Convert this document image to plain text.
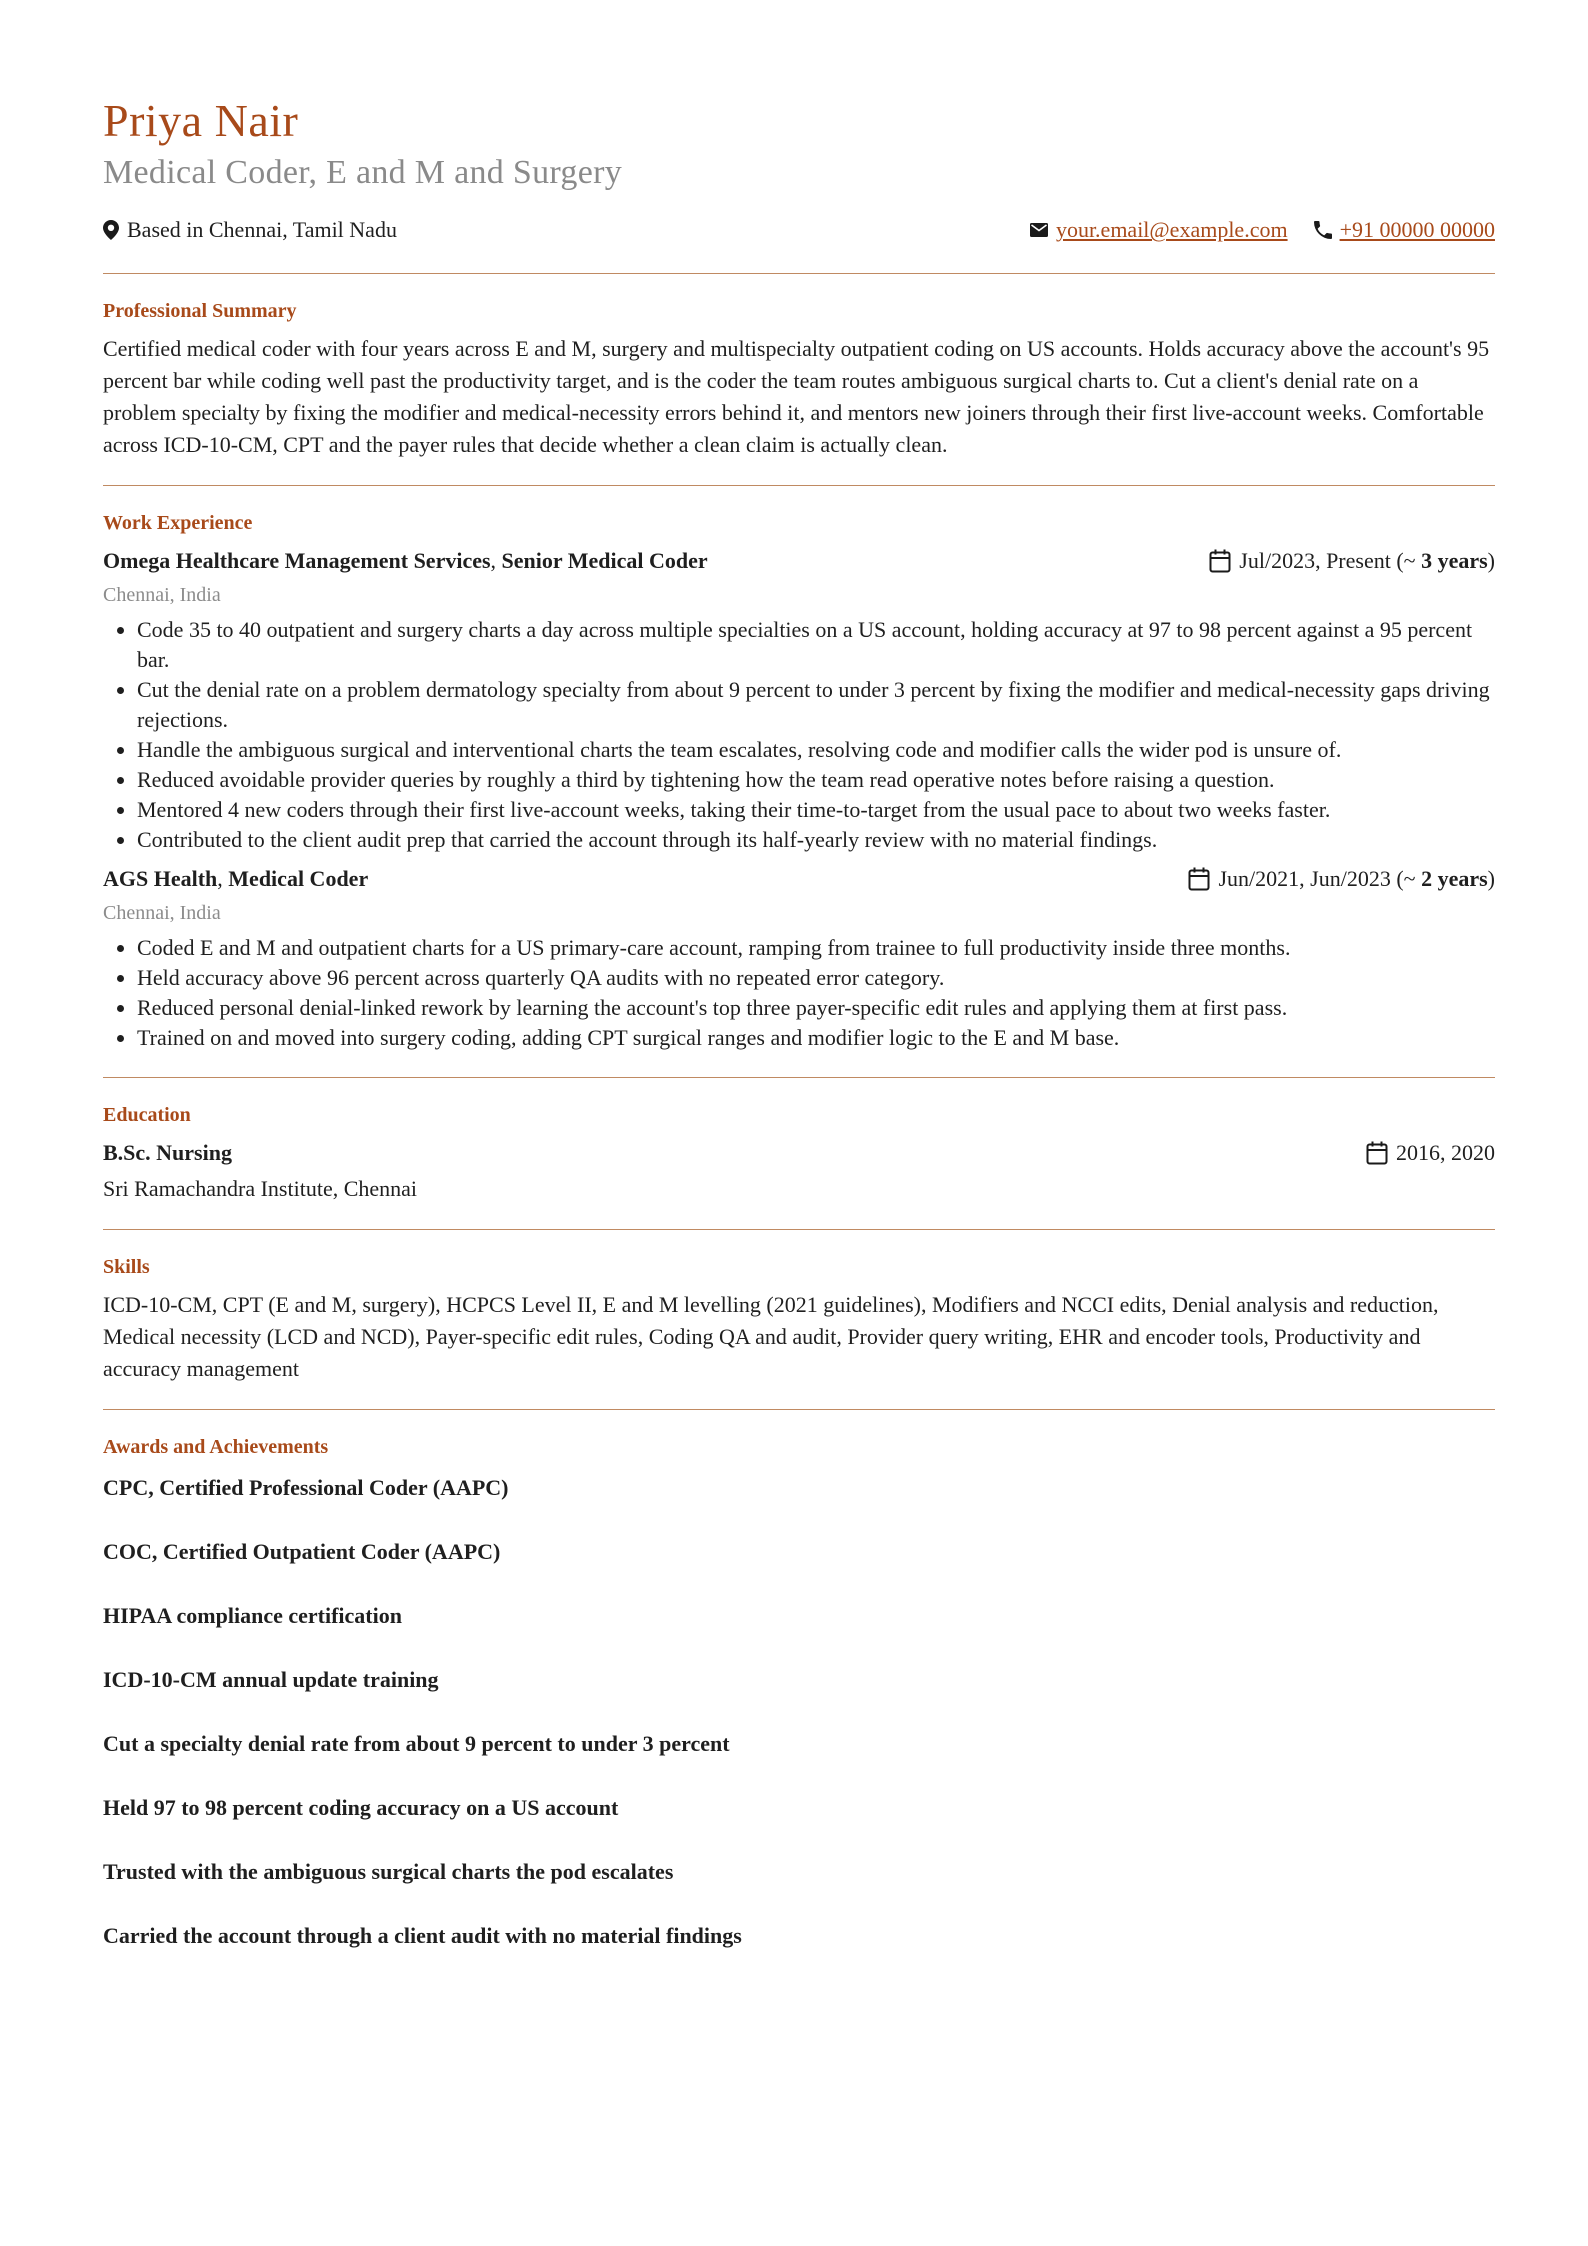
Priya Nair
Medical Coder, E and M and Surgery
Based in Chennai, Tamil Nadu	your.email@example.com +91 00000 00000
Professional Summary

Certified medical coder with four years across E and M, surgery and multispecialty outpatient coding on US accounts. Holds accuracy above the account's 95 percent bar while coding well past the productivity target, and is the coder the team routes ambiguous surgical charts to. Cut a client's denial rate on a problem specialty by fixing the modifier and medical-necessity errors behind it, and mentors new joiners through their first live-account weeks. Comfortable across ICD-10-CM, CPT and the payer rules that decide whether a clean claim is actually clean.

Work Experience
Omega Healthcare Management Services, Senior Medical Coder	Jul/2023, Present (~ 3 years)
Chennai, India
• Code 35 to 40 outpatient and surgery charts a day across multiple specialties on a US account, holding accuracy at 97 to 98 percent against a 95 percent bar.
• Cut the denial rate on a problem dermatology specialty from about 9 percent to under 3 percent by fixing the modifier and medical-necessity gaps driving rejections.
• Handle the ambiguous surgical and interventional charts the team escalates, resolving code and modifier calls the wider pod is unsure of.
• Reduced avoidable provider queries by roughly a third by tightening how the team read operative notes before raising a question.
• Mentored 4 new coders through their first live-account weeks, taking their time-to-target from the usual pace to about two weeks faster.
• Contributed to the client audit prep that carried the account through its half-yearly review with no material findings.
AGS Health, Medical Coder	Jun/2021, Jun/2023 (~ 2 years)
Chennai, India
• Coded E and M and outpatient charts for a US primary-care account, ramping from trainee to full productivity inside three months.
• Held accuracy above 96 percent across quarterly QA audits with no repeated error category.
• Reduced personal denial-linked rework by learning the account's top three payer-specific edit rules and applying them at first pass.
• Trained on and moved into surgery coding, adding CPT surgical ranges and modifier logic to the E and M base.
Education
B.Sc. Nursing	2016, 2020
Sri Ramachandra Institute, Chennai
Skills

ICD-10-CM, CPT (E and M, surgery), HCPCS Level II, E and M levelling (2021 guidelines), Modifiers and NCCI edits, Denial analysis and reduction, Medical necessity (LCD and NCD), Payer-specific edit rules, Coding QA and audit, Provider query writing, EHR and encoder tools, Productivity and accuracy management

Awards and Achievements
CPC, Certified Professional Coder (AAPC)
COC, Certified Outpatient Coder (AAPC)
HIPAA compliance certification
ICD-10-CM annual update training
Cut a specialty denial rate from about 9 percent to under 3 percent
Held 97 to 98 percent coding accuracy on a US account
Trusted with the ambiguous surgical charts the pod escalates
Carried the account through a client audit with no material findings
